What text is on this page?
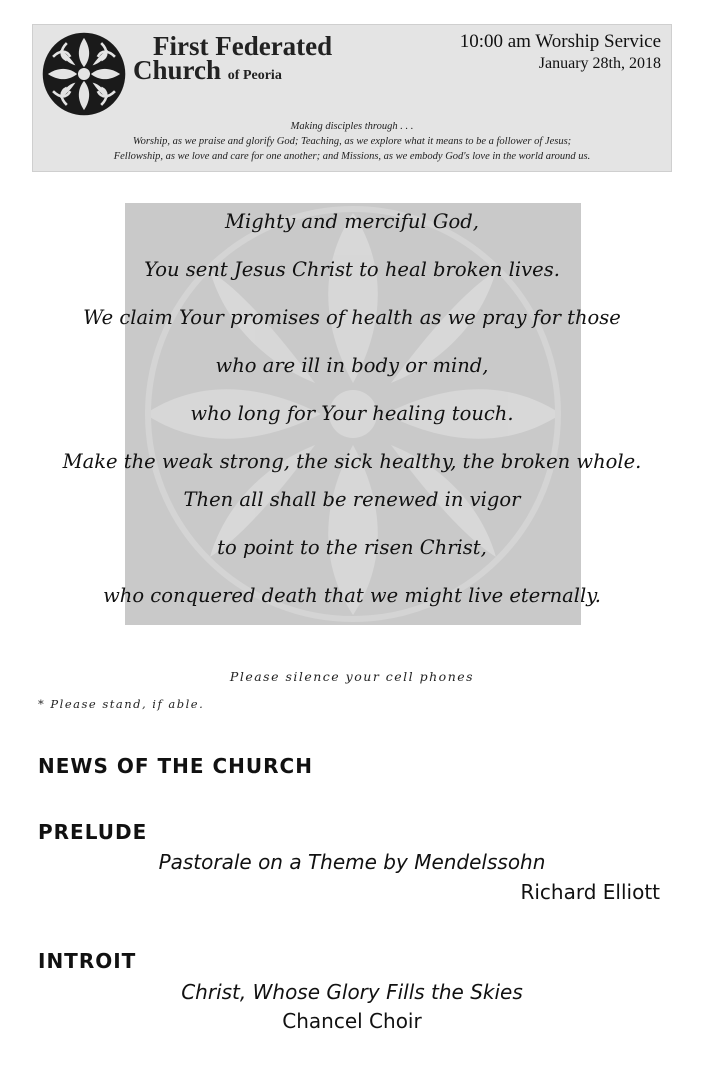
First Federated
Church of Peoria
10:00 am Worship Service
January 28th, 2018
Making disciples through . . .
Worship, as we praise and glorify God; Teaching, as we explore what it means to be a follower of Jesus;
Fellowship, as we love and care for one another; and Missions, as we embody God's love in the world around us.
Mighty and merciful God,
You sent Jesus Christ to heal broken lives.
We claim Your promises of health as we pray for those
who are ill in body or mind,
who long for Your healing touch.
Make the weak strong, the sick healthy, the broken whole.
Then all shall be renewed in vigor
to point to the risen Christ,
who conquered death that we might live eternally.
Please silence your cell phones
* Please stand, if able.
NEWS OF THE CHURCH
PRELUDE
Pastorale on a Theme by Mendelssohn
Richard Elliott
INTROIT
Christ, Whose Glory Fills the Skies
Chancel Choir
